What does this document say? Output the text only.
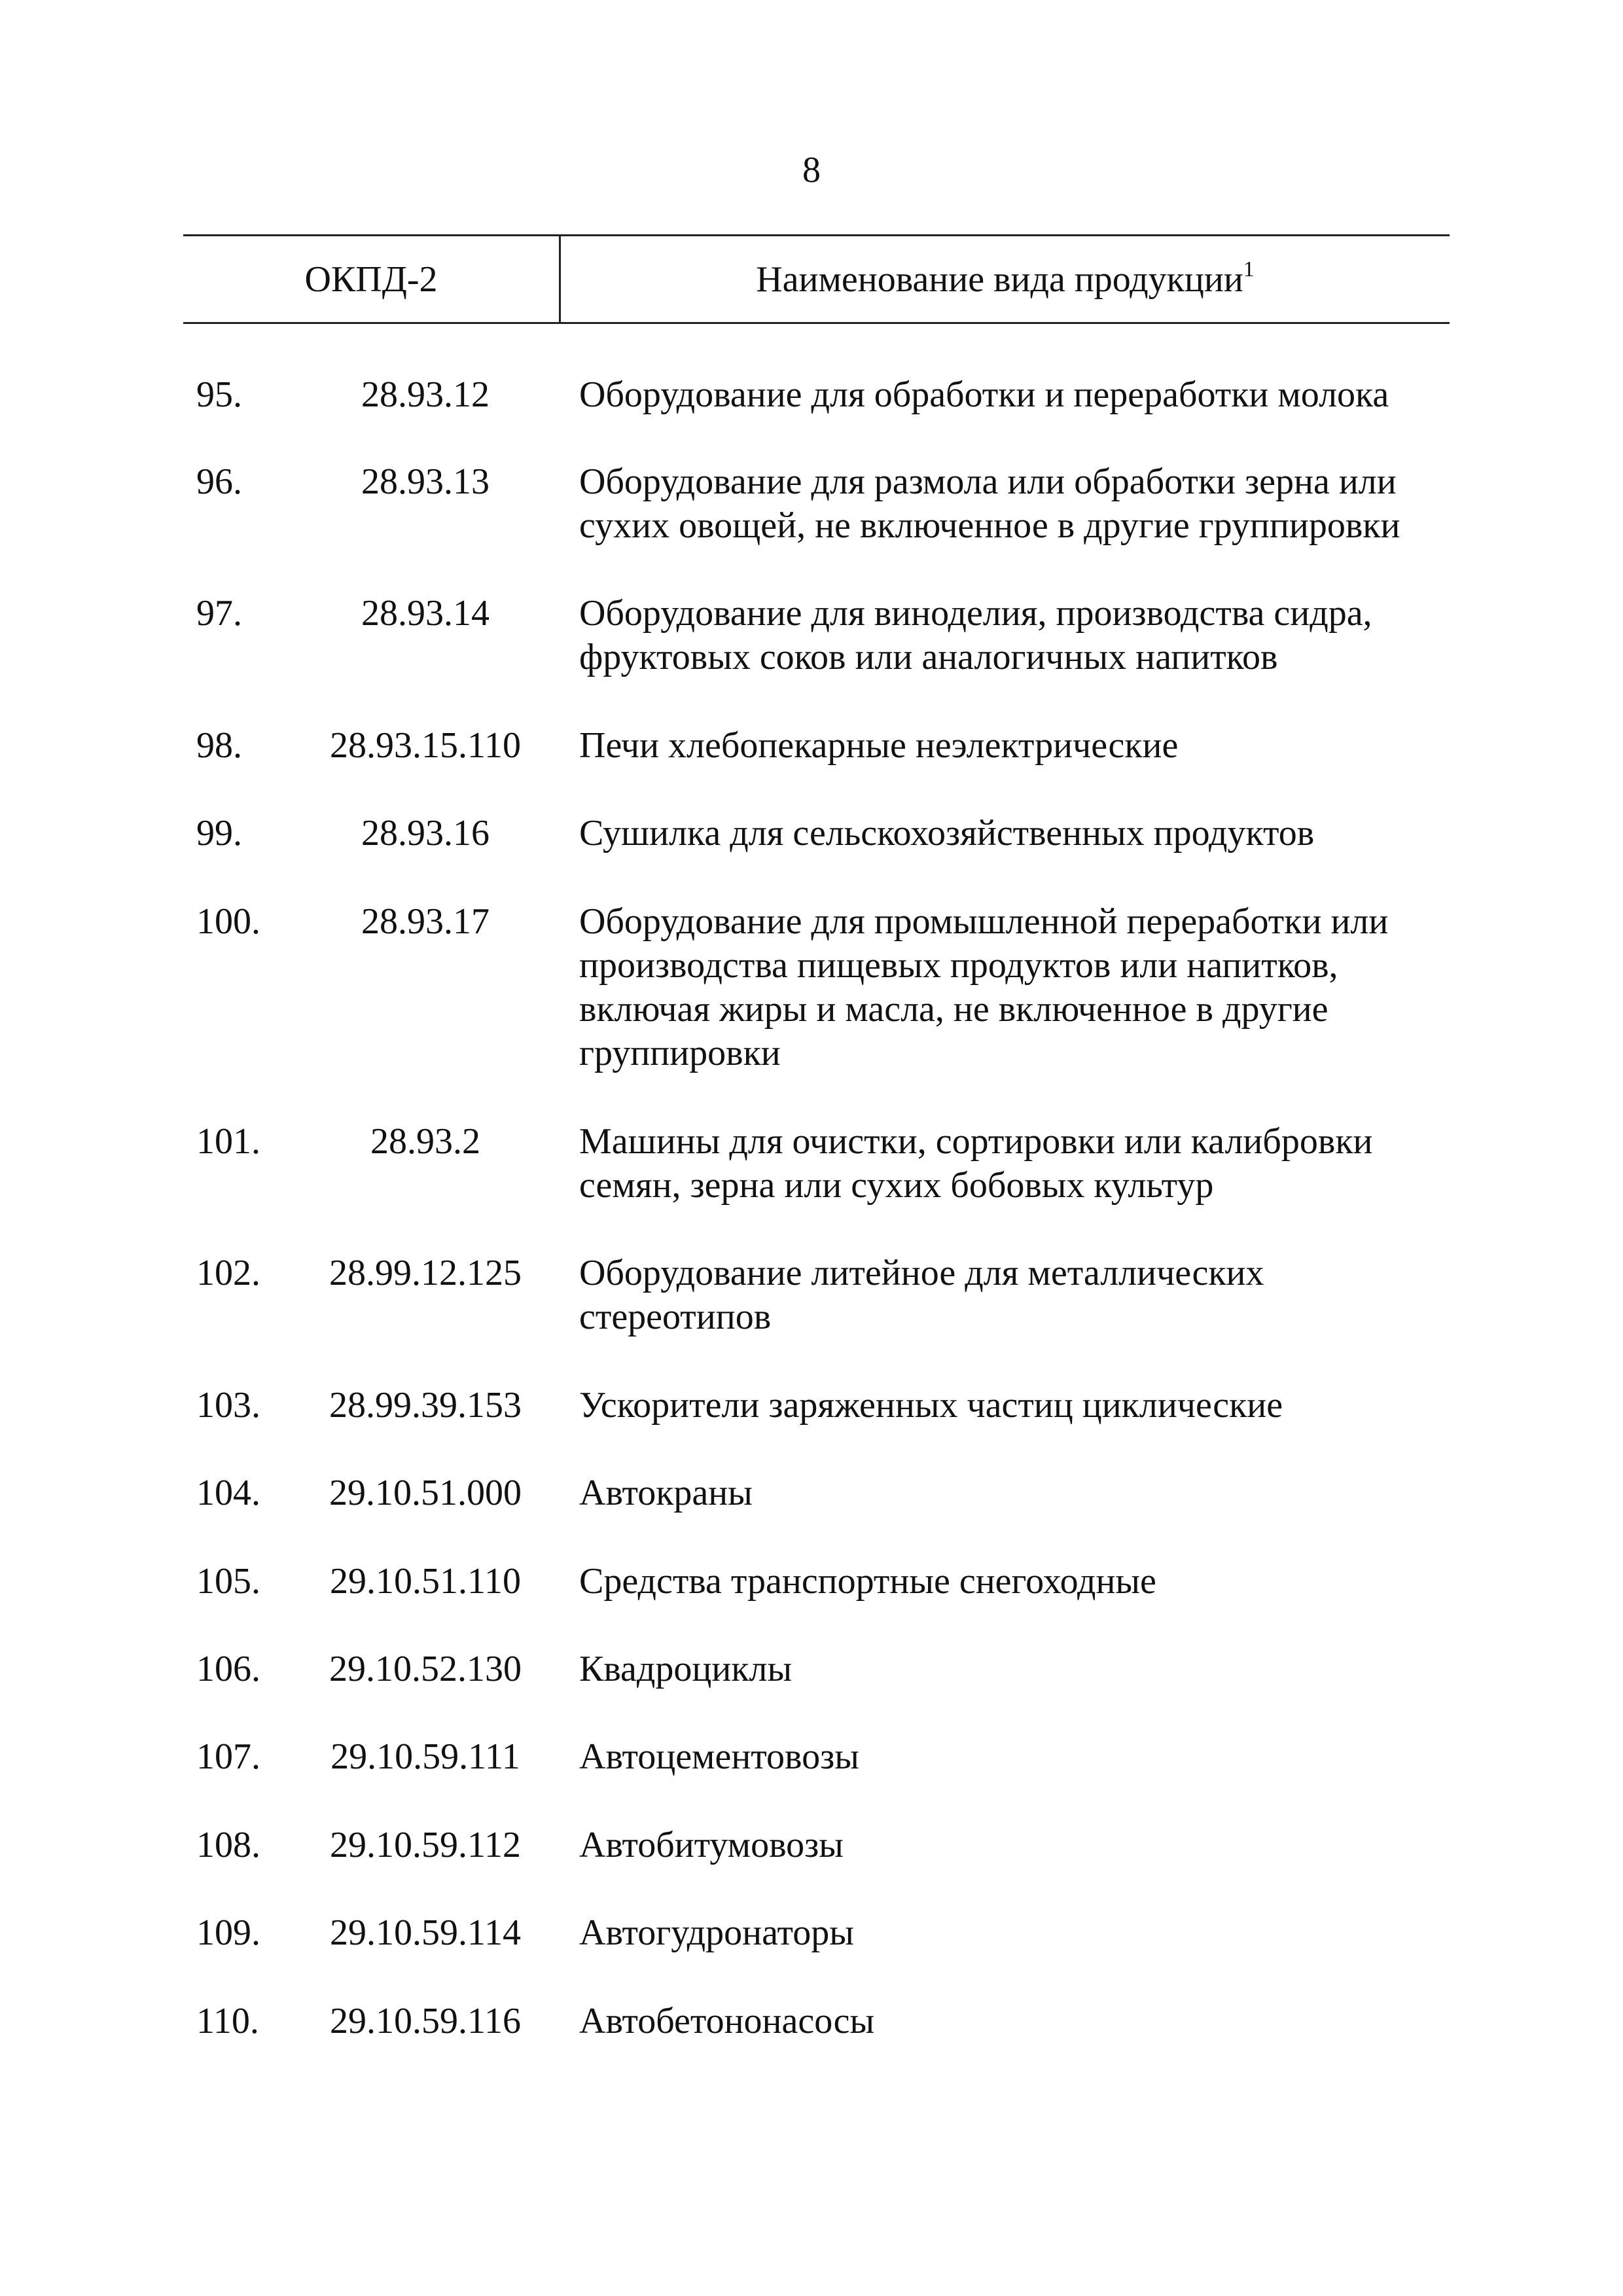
8
ОКПД-2	Наименование вида продукции$^1$
95.	28.93.12	Оборудование для обработки и переработки молока
96.	28.93.13	Оборудование для размола или обработки зерна или сухих овощей, не включенное в другие группировки
97.	28.93.14	Оборудование для виноделия, производства сидра, фруктовых соков или аналогичных напитков
98.	28.93.15.110	Печи хлебопекарные неэлектрические
99.	28.93.16	Сушилка для сельскохозяйственных продуктов
100.	28.93.17	Оборудование для промышленной переработки или производства пищевых продуктов или напитков, включая жиры и масла, не включенное в другие группировки
101.	28.93.2	Машины для очистки, сортировки или калибровки семян, зерна или сухих бобовых культур
102.	28.99.12.125	Оборудование литейное для металлических стереотипов
103.	28.99.39.153	Ускорители заряженных частиц циклические
104.	29.10.51.000	Автокраны
105.	29.10.51.110	Средства транспортные снегоходные
106.	29.10.52.130	Квадроциклы
107.	29.10.59.111	Автоцементовозы
108.	29.10.59.112	Автобитумовозы
109.	29.10.59.114	Автогудронаторы
110.	29.10.59.116	Автобетононасосы
